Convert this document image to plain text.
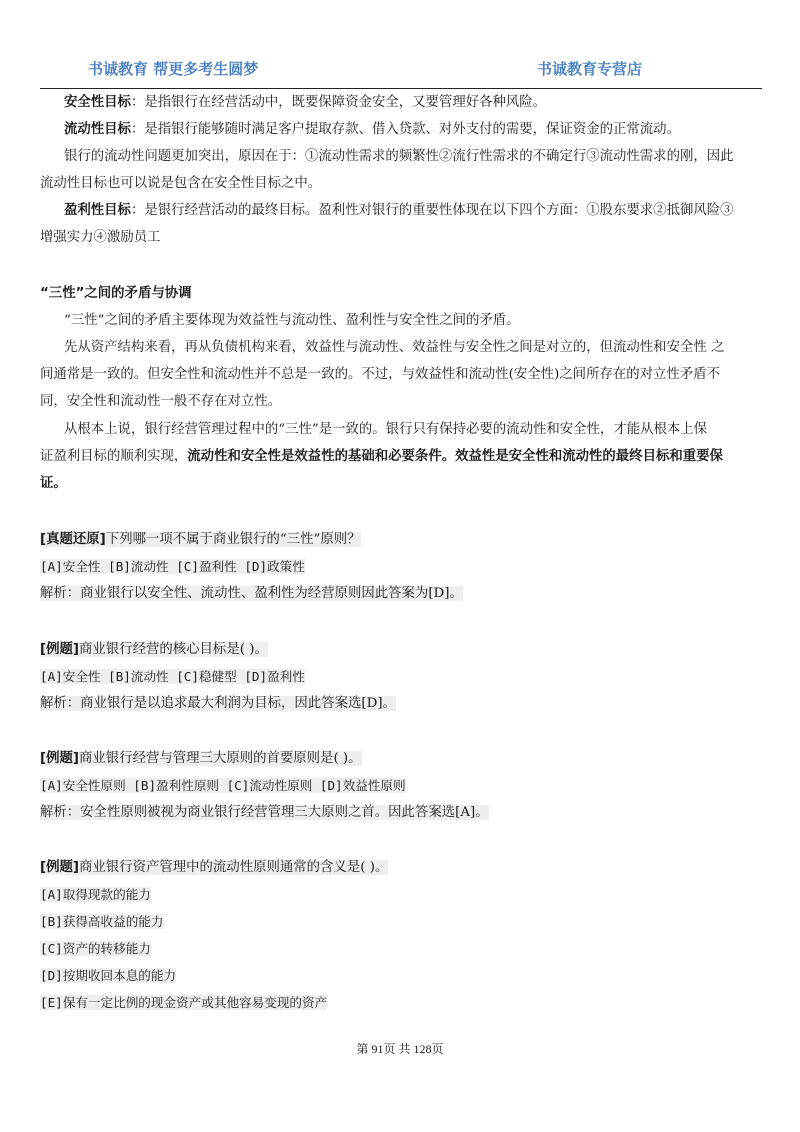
书诚教育 帮更多考生圆梦	书诚教育专营店
安全性目标：是指银行在经营活动中，既要保障资金安全，又要管理好各种风险。
流动性目标：是指银行能够随时满足客户提取存款、借入贷款、对外支付的需要，保证资金的正常流动。
银行的流动性问题更加突出，原因在于：①流动性需求的频繁性②流行性需求的不确定行③流动性需求的刚，因此
流动性目标也可以说是包含在安全性目标之中。
盈利性目标：是银行经营活动的最终目标。盈利性对银行的重要性体现在以下四个方面：①股东要求②抵御风险③
增强实力④激励员工
“三性”之间的矛盾与协调
“三性”之间的矛盾主要体现为效益性与流动性、盈利性与安全性之间的矛盾。
先从资产结构来看，再从负债机构来看，效益性与流动性、效益性与安全性之间是对立的，但流动性和安全性 之
间通常是一致的。但安全性和流动性并不总是一致的。不过，与效益性和流动性(安全性)之间所存在的对立性矛盾不
同，安全性和流动性一般不存在对立性。
从根本上说，银行经营管理过程中的“三性”是一致的。银行只有保持必要的流动性和安全性，才能从根本上保
证盈利目标的顺利实现，流动性和安全性是效益性的基础和必要条件。效益性是安全性和流动性的最终目标和重要保
证。
[真题还原]下列哪一项不属于商业银行的“三性”原则？
[A]安全性 [B]流动性 [C]盈利性 [D]政策性
解析：商业银行以安全性、流动性、盈利性为经营原则因此答案为[D]。
[例题]商业银行经营的核心目标是( )。
[A]安全性 [B]流动性 [C]稳健型 [D]盈利性
解析：商业银行是以追求最大利润为目标，因此答案选[D]。
[例题]商业银行经营与管理三大原则的首要原则是( )。
[A]安全性原则 [B]盈利性原则 [C]流动性原则 [D]效益性原则
解析：安全性原则被视为商业银行经营管理三大原则之首。因此答案选[A]。
[例题]商业银行资产管理中的流动性原则通常的含义是( )。
[A]取得现款的能力
[B]获得高收益的能力
[C]资产的转移能力
[D]按期收回本息的能力
[E]保有一定比例的现金资产或其他容易变现的资产
第 91页 共 128页
